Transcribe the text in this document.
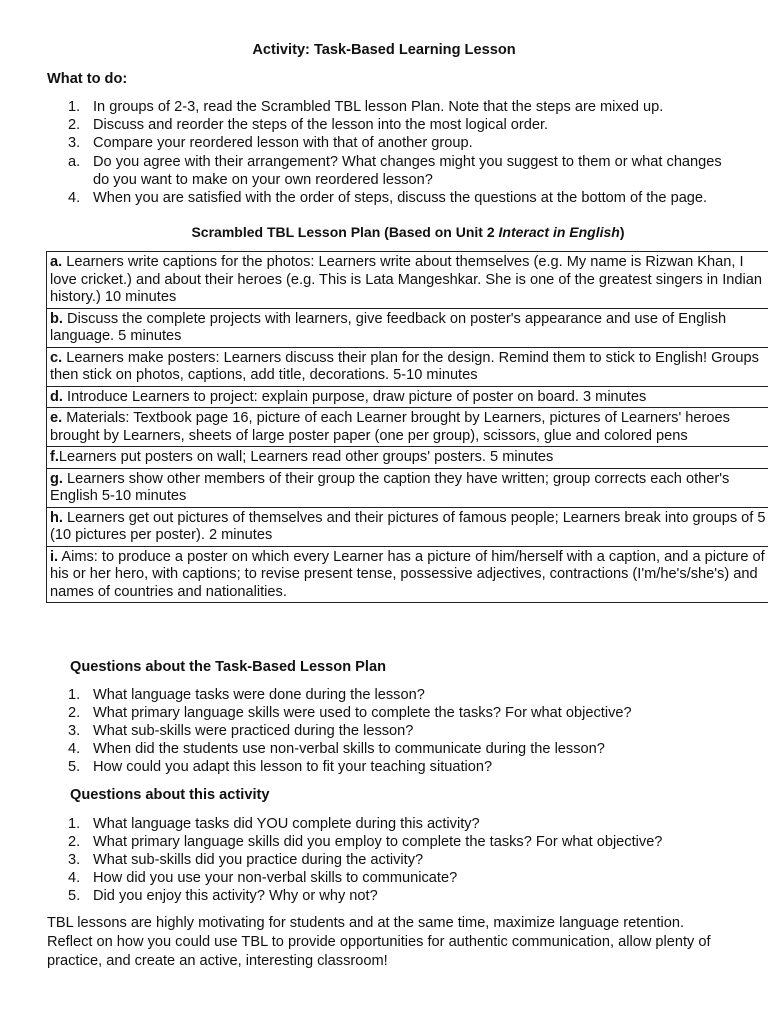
Activity: Task-Based Learning Lesson
What to do:
1. In groups of 2-3, read the Scrambled TBL lesson Plan. Note that the steps are mixed up.
2. Discuss and reorder the steps of the lesson into the most logical order.
3. Compare your reordered lesson with that of another group.
a. Do you agree with their arrangement? What changes might you suggest to them or what changes do you want to make on your own reordered lesson?
4. When you are satisfied with the order of steps, discuss the questions at the bottom of the page.
Scrambled TBL Lesson Plan (Based on Unit 2 Interact in English)
a. Learners write captions for the photos: Learners write about themselves (e.g. My name is Rizwan Khan, I love cricket.) and about their heroes (e.g. This is Lata Mangeshkar. She is one of the greatest singers in Indian history.) 10 minutes
b. Discuss the complete projects with learners, give feedback on poster's appearance and use of English language. 5 minutes
c. Learners make posters: Learners discuss their plan for the design. Remind them to stick to English! Groups then stick on photos, captions, add title, decorations. 5-10 minutes
d. Introduce Learners to project: explain purpose, draw picture of poster on board. 3 minutes
e. Materials: Textbook page 16, picture of each Learner brought by Learners, pictures of Learners' heroes brought by Learners, sheets of large poster paper (one per group), scissors, glue and colored pens
f.Learners put posters on wall; Learners read other groups' posters. 5 minutes
g. Learners show other members of their group the caption they have written; group corrects each other's English 5-10 minutes
h. Learners get out pictures of themselves and their pictures of famous people; Learners break into groups of 5 (10 pictures per poster). 2 minutes
i. Aims: to produce a poster on which every Learner has a picture of him/herself with a caption, and a picture of his or her hero, with captions; to revise present tense, possessive adjectives, contractions (I'm/he's/she's) and names of countries and nationalities.
Questions about the Task-Based Lesson Plan
1. What language tasks were done during the lesson?
2. What primary language skills were used to complete the tasks? For what objective?
3. What sub-skills were practiced during the lesson?
4. When did the students use non-verbal skills to communicate during the lesson?
5. How could you adapt this lesson to fit your teaching situation?
Questions about this activity
1. What language tasks did YOU complete during this activity?
2. What primary language skills did you employ to complete the tasks? For what objective?
3. What sub-skills did you practice during the activity?
4. How did you use your non-verbal skills to communicate?
5. Did you enjoy this activity? Why or why not?
TBL lessons are highly motivating for students and at the same time, maximize language retention. Reflect on how you could use TBL to provide opportunities for authentic communication, allow plenty of practice, and create an active, interesting classroom!
